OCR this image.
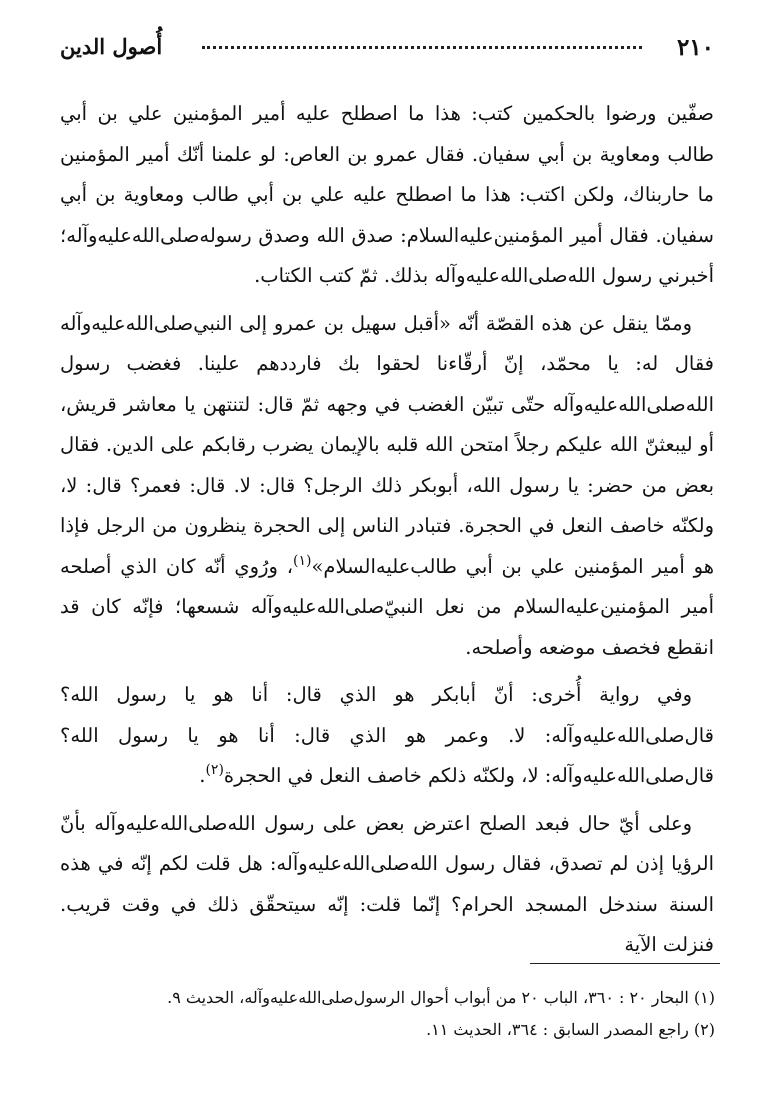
٢١٠
أُصول الدين

صفّين ورضوا بالحكمين كتب: هذا ما اصطلح عليه أمير المؤمنين علي بن أبي طالب ومعاوية بن أبي سفيان. فقال عمرو بن العاص: لو علمنا أنّك أمير المؤمنين ما حاربناك، ولكن اكتب: هذا ما اصطلح عليه علي بن أبي طالب ومعاوية بن أبي سفيان. فقال أمير المؤمنين‌عليه‌السلام: صدق الله وصدق رسوله‌صلى‌الله‌عليه‌وآله؛ أخبرني رسول الله‌صلى‌الله‌عليه‌وآله بذلك. ثمّ كتب الكتاب.

وممّا ينقل عن هذه القصّة أنّه «أقبل سهيل بن عمرو إلى النبي‌صلى‌الله‌عليه‌وآله فقال له: يا محمّد، إنّ أرقّاءنا لحقوا بك فارددهم علينا. فغضب رسول الله‌صلى‌الله‌عليه‌وآله حتّى تبيّن الغضب في وجهه ثمّ قال: لتنتهن يا معاشر قريش، أو ليبعثنّ الله عليكم رجلاً امتحن الله قلبه بالإيمان يضرب رقابكم على الدين. فقال بعض من حضر: يا رسول الله، أبوبكر ذلك الرجل؟ قال: لا. قال: فعمر؟ قال: لا، ولكنّه خاصف النعل في الحجرة. فتبادر الناس إلى الحجرة ينظرون من الرجل فإذا هو أمير المؤمنين علي بن أبي طالب‌عليه‌السلام»$^{(١)}$، ورُوي أنّه كان الذي أصلحه أمير المؤمنين‌عليه‌السلام من نعل النبيّ‌صلى‌الله‌عليه‌وآله شسعها؛ فإنّه كان قد انقطع فخصف موضعه وأصلحه.

وفي رواية أُخرى: أنّ أبابكر هو الذي قال: أنا هو يا رسول الله؟ قال‌صلى‌الله‌عليه‌وآله: لا. وعمر هو الذي قال: أنا هو يا رسول الله؟ قال‌صلى‌الله‌عليه‌وآله: لا، ولكنّه ذلكم خاصف النعل في الحجرة$^{(٢)}$.

وعلى أيّ حال فبعد الصلح اعترض بعض على رسول الله‌صلى‌الله‌عليه‌وآله بأنّ الرؤيا إذن لم تصدق، فقال رسول الله‌صلى‌الله‌عليه‌وآله: هل قلت لكم إنّه في هذه السنة سندخل المسجد الحرام؟ إنّما قلت: إنّه سيتحقّق ذلك في وقت قريب. فنزلت الآية

(١) البحار ٢٠ : ٣٦٠، الباب ٢٠ من أبواب أحوال الرسول‌صلى‌الله‌عليه‌وآله، الحديث ٩.
(٢) راجع المصدر السابق : ٣٦٤، الحديث ١١.
